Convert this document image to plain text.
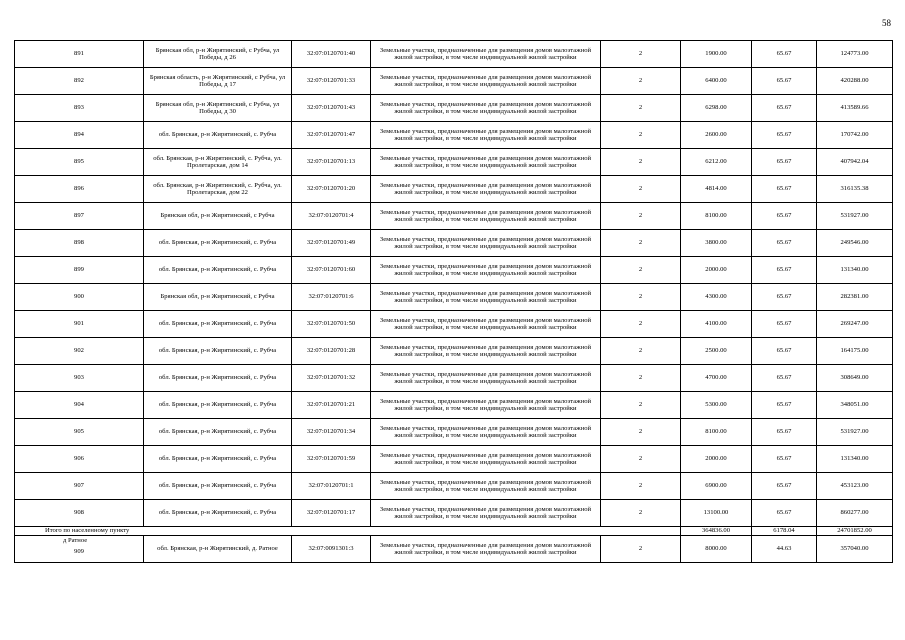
58
891	Брянская обл, р-н Жирятинский, с Рубча, ул Победы, д 26	32:07:0120701:40	Земельные участки, предназначенные для размещения домов малоэтажной жилой застройки, в том числе индивидуальной жилой застройки	2	1900.00	65.67	124773.00
892	Брянская область, р-н Жирятинский, с Рубча, ул Победы, д 17	32:07:0120701:33	Земельные участки, предназначенные для размещения домов малоэтажной жилой застройки, в том числе индивидуальной жилой застройки	2	6400.00	65.67	420288.00
893	Брянская обл, р-н Жирятинский, с Рубча, ул Победы, д 30	32:07:0120701:43	Земельные участки, предназначенные для размещения домов малоэтажной жилой застройки, в том числе индивидуальной жилой застройки	2	6298.00	65.67	413589.66
894	обл. Брянская, р-н Жирятинский, с. Рубча	32:07:0120701:47	Земельные участки, предназначенные для размещения домов малоэтажной жилой застройки, в том числе индивидуальной жилой застройки	2	2600.00	65.67	170742.00
895	обл. Брянская, р-н Жирятинский, с. Рубча, ул. Пролетарская, дом 14	32:07:0120701:13	Земельные участки, предназначенные для размещения домов малоэтажной жилой застройки, в том числе индивидуальной жилой застройки	2	6212.00	65.67	407942.04
896	обл. Брянская, р-н Жирятинский, с. Рубча, ул. Пролетарская, дом 22	32:07:0120701:20	Земельные участки, предназначенные для размещения домов малоэтажной жилой застройки, в том числе индивидуальной жилой застройки	2	4814.00	65.67	316135.38
897	Брянская обл, р-н Жирятинский, с Рубча	32:07:0120701:4	Земельные участки, предназначенные для размещения домов малоэтажной жилой застройки, в том числе индивидуальной жилой застройки	2	8100.00	65.67	531927.00
898	обл. Брянская, р-н Жирятинский, с. Рубча	32:07:0120701:49	Земельные участки, предназначенные для размещения домов малоэтажной жилой застройки, в том числе индивидуальной жилой застройки	2	3800.00	65.67	249546.00
899	обл. Брянская, р-н Жирятинский, с. Рубча	32:07:0120701:60	Земельные участки, предназначенные для размещения домов малоэтажной жилой застройки, в том числе индивидуальной жилой застройки	2	2000.00	65.67	131340.00
900	Брянская обл, р-н Жирятинский, с Рубча	32:07:0120701:6	Земельные участки, предназначенные для размещения домов малоэтажной жилой застройки, в том числе индивидуальной жилой застройки	2	4300.00	65.67	282381.00
901	обл. Брянская, р-н Жирятинский, с. Рубча	32:07:0120701:50	Земельные участки, предназначенные для размещения домов малоэтажной жилой застройки, в том числе индивидуальной жилой застройки	2	4100.00	65.67	269247.00
902	обл. Брянская, р-н Жирятинский, с. Рубча	32:07:0120701:28	Земельные участки, предназначенные для размещения домов малоэтажной жилой застройки, в том числе индивидуальной жилой застройки	2	2500.00	65.67	164175.00
903	обл. Брянская, р-н Жирятинский, с. Рубча	32:07:0120701:32	Земельные участки, предназначенные для размещения домов малоэтажной жилой застройки, в том числе индивидуальной жилой застройки	2	4700.00	65.67	308649.00
904	обл. Брянская, р-н Жирятинский, с. Рубча	32:07:0120701:21	Земельные участки, предназначенные для размещения домов малоэтажной жилой застройки, в том числе индивидуальной жилой застройки	2	5300.00	65.67	348051.00
905	обл. Брянская, р-н Жирятинский, с. Рубча	32:07:0120701:34	Земельные участки, предназначенные для размещения домов малоэтажной жилой застройки, в том числе индивидуальной жилой застройки	2	8100.00	65.67	531927.00
906	обл. Брянская, р-н Жирятинский, с. Рубча	32:07:0120701:59	Земельные участки, предназначенные для размещения домов малоэтажной жилой застройки, в том числе индивидуальной жилой застройки	2	2000.00	65.67	131340.00
907	обл. Брянская, р-н Жирятинский, с. Рубча	32:07:0120701:1	Земельные участки, предназначенные для размещения домов малоэтажной жилой застройки, в том числе индивидуальной жилой застройки	2	6900.00	65.67	453123.00
908	обл. Брянская, р-н Жирятинский, с. Рубча	32:07:0120701:17	Земельные участки, предназначенные для размещения домов малоэтажной жилой застройки, в том числе индивидуальной жилой застройки	2	13100.00	65.67	860277.00
Итого по населенному пункту					364836.00	6178.04	24701852.00

д Ратное
909	обл. Брянская, р-н Жирятинский, д. Ратное	32:07:0091301:3	Земельные участки, предназначенные для размещения домов малоэтажной жилой застройки, в том числе индивидуальной жилой застройки	2	8000.00	44.63	357040.00
